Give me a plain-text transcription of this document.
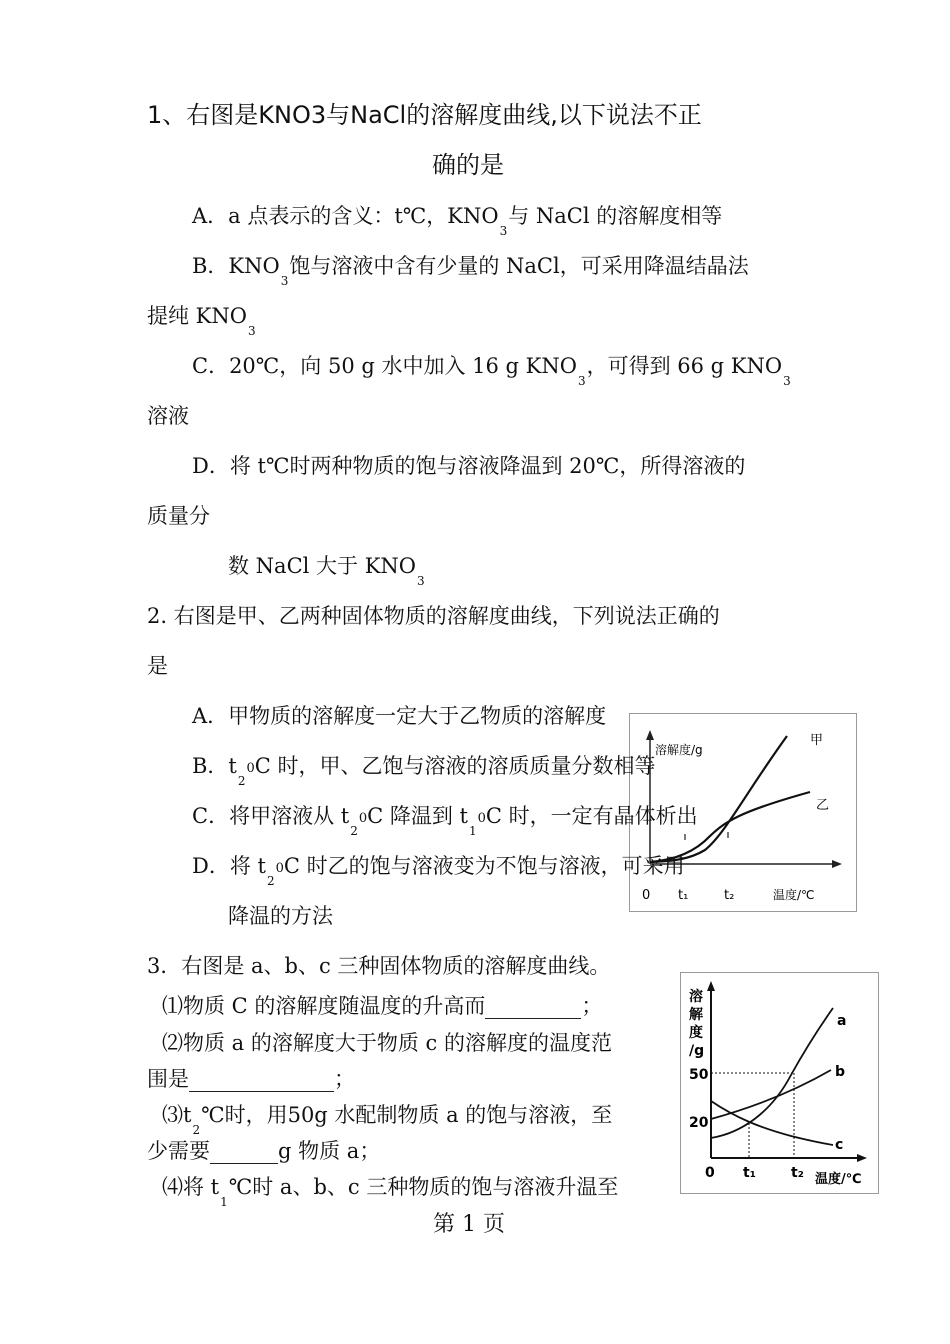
1、右图是KNO3与NaCl的溶解度曲线,以下说法不正
确的是
A．a 点表示的含义：t℃，$KNO_3$与 NaCl 的溶解度相等
B．$KNO_3$饱与溶液中含有少量的 NaCl，可采用降温结晶法
提纯 $KNO_3$
C．20℃，向 50 g 水中加入 16 g $KNO_3$，可得到 66 g $KNO_3$
溶液
D．将 t℃时两种物质的饱与溶液降温到 20℃，所得溶液的
质量分
数 NaCl 大于 $KNO_3$
2. 右图是甲、乙两种固体物质的溶解度曲线，下列说法正确的
是
溶解度/g
甲
乙
0 t₁	t₂	温度/℃
A．甲物质的溶解度一定大于乙物质的溶解度
B．$t_20C$ 时，甲、乙饱与溶液的溶质质量分数相等
C．将甲溶液从 $t_20C$ 降温到 $t_10C$ 时，一定有晶体析出
D．将 $t_20C$ 时乙的饱与溶液变为不饱与溶液，可采用
降温的方法
3．右图是 a、b、c 三种固体物质的溶解度曲线。
溶
解
度
/g
50
20
0 t₁	t₂ 温度/℃
a
b
c
⑴物质 C 的溶解度随温度的升高而	；
⑵物质 a 的溶解度大于物质 c 的溶解度的温度范
围是	；
$⑶t_2℃$时，用50g 水配制物质 a 的饱与溶液，至
少需要	g 物质 a；
⑷将 $t_1℃$时 a、b、c 三种物质的饱与溶液升温至
第 1 页
